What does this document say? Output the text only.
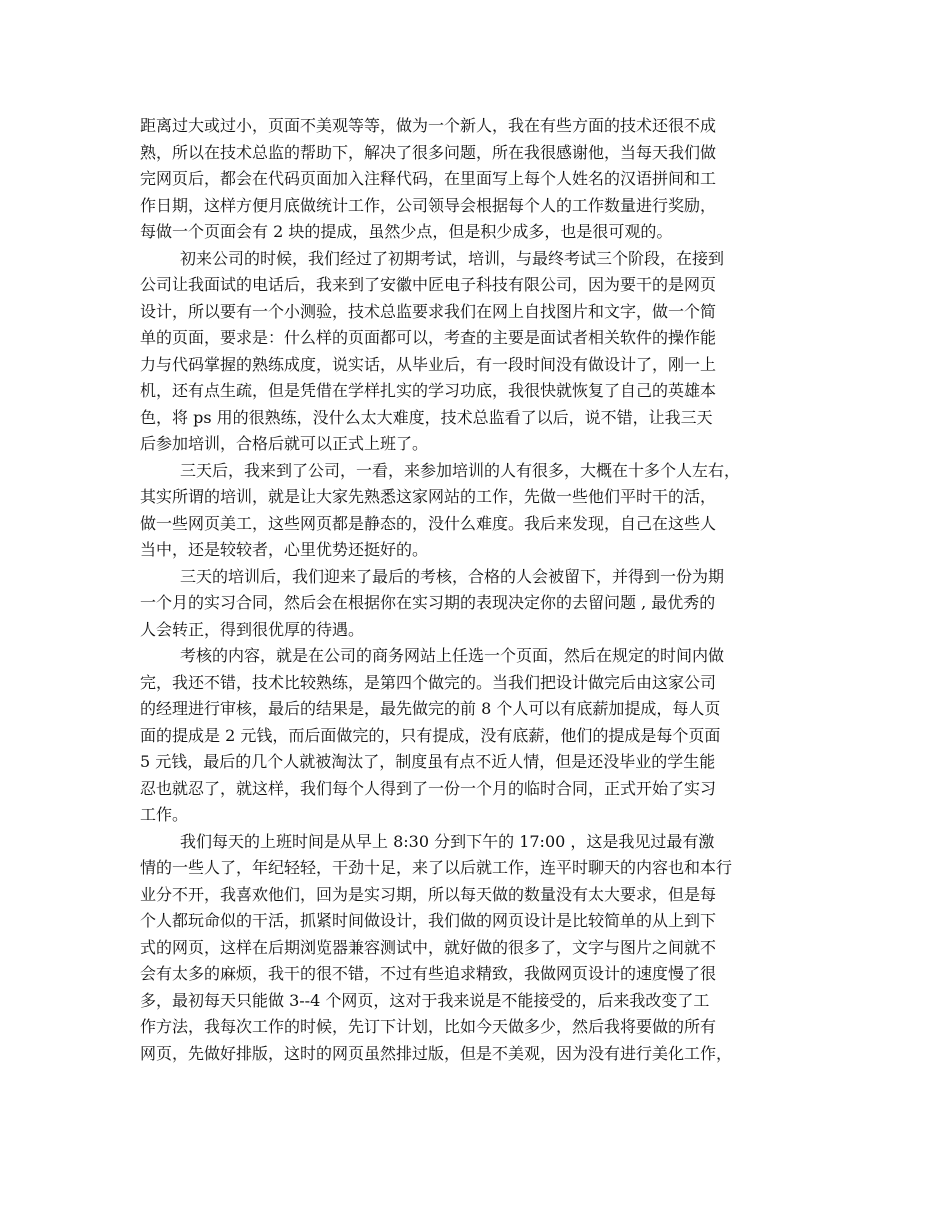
距离过大或过小，页面不美观等等，做为一个新人，我在有些方面的技术还很不成
熟，所以在技术总监的帮助下，解决了很多问题，所在我很感谢他，当每天我们做
完网页后，都会在代码页面加入注释代码，在里面写上每个人姓名的汉语拼间和工
作日期，这样方便月底做统计工作，公司领导会根据每个人的工作数量进行奖励，
每做一个页面会有 2 块的提成，虽然少点，但是积少成多，也是很可观的。
初来公司的时候，我们经过了初期考试，培训，与最终考试三个阶段，在接到
公司让我面试的电话后，我来到了安徽中匠电子科技有限公司，因为要干的是网页
设计，所以要有一个小测验，技术总监要求我们在网上自找图片和文字，做一个简
单的页面，要求是：什么样的页面都可以，考查的主要是面试者相关软件的操作能
力与代码掌握的熟练成度，说实话，从毕业后，有一段时间没有做设计了，刚一上
机，还有点生疏，但是凭借在学样扎实的学习功底，我很快就恢复了自己的英雄本
色，将 ps 用的很熟练，没什么太大难度，技术总监看了以后，说不错，让我三天
后参加培训，合格后就可以正式上班了。
三天后，我来到了公司，一看，来参加培训的人有很多，大概在十多个人左右，
其实所谓的培训，就是让大家先熟悉这家网站的工作，先做一些他们平时干的活，
做一些网页美工，这些网页都是静态的，没什么难度。我后来发现，自己在这些人
当中，还是较较者，心里优势还挺好的。
三天的培训后，我们迎来了最后的考核，合格的人会被留下，并得到一份为期
一个月的实习合同，然后会在根据你在实习期的表现决定你的去留问题 , 最优秀的
人会转正，得到很优厚的待遇。
考核的内容，就是在公司的商务网站上任选一个页面，然后在规定的时间内做
完，我还不错，技术比较熟练，是第四个做完的。当我们把设计做完后由这家公司
的经理进行审核，最后的结果是，最先做完的前 8 个人可以有底薪加提成，每人页
面的提成是 2 元钱，而后面做完的，只有提成，没有底薪，他们的提成是每个页面
5 元钱，最后的几个人就被淘汰了，制度虽有点不近人情，但是还没毕业的学生能
忍也就忍了，就这样，我们每个人得到了一份一个月的临时合同，正式开始了实习
工作。
我们每天的上班时间是从早上 8:30 分到下午的 17:00 ，这是我见过最有激
情的一些人了，年纪轻轻，干劲十足，来了以后就工作，连平时聊天的内容也和本行
业分不开，我喜欢他们，回为是实习期，所以每天做的数量没有太大要求，但是每
个人都玩命似的干活，抓紧时间做设计，我们做的网页设计是比较简单的从上到下
式的网页，这样在后期浏览器兼容测试中，就好做的很多了，文字与图片之间就不
会有太多的麻烦，我干的很不错，不过有些追求精致，我做网页设计的速度慢了很
多，最初每天只能做 3--4 个网页，这对于我来说是不能接受的，后来我改变了工
作方法，我每次工作的时候，先订下计划，比如今天做多少，然后我将要做的所有
网页，先做好排版，这时的网页虽然排过版，但是不美观，因为没有进行美化工作，
